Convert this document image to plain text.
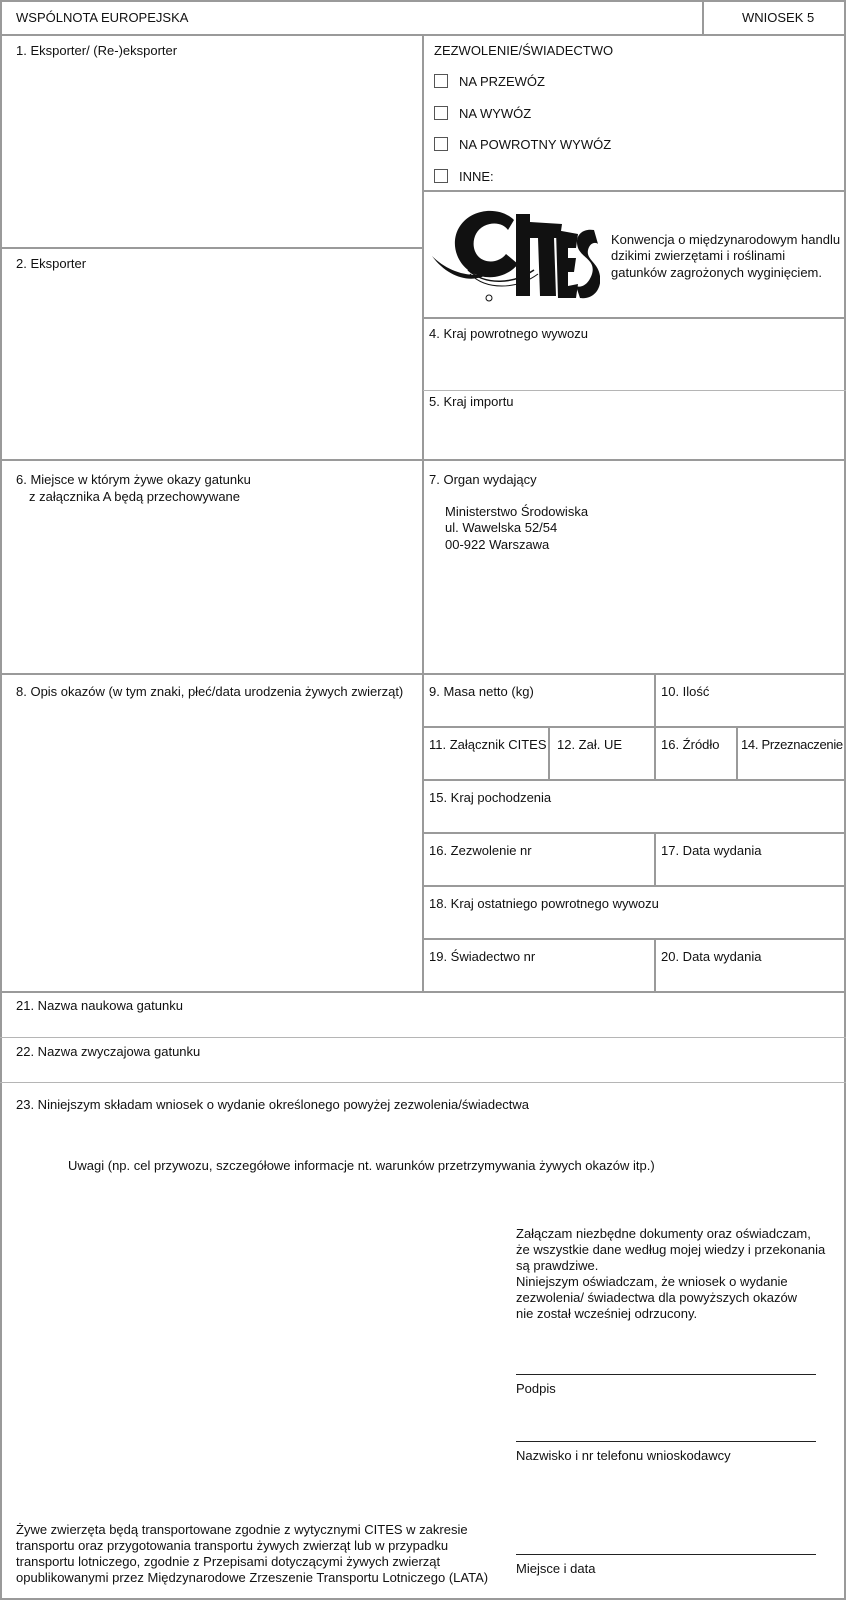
WSPÓLNOTA EUROPEJSKA	WNIOSEK 5
1. Eksporter/ (Re-)eksporter
2. Eksporter
ZEZWOLENIE/ŚWIADECTWO
NA PRZEWÓZ
NA WYWÓZ
NA POWROTNY WYWÓZ
INNE:
Konwencja o międzynarodowym handlu
dzikimi zwierzętami i roślinami
gatunków zagrożonych wyginięciem.
4. Kraj powrotnego wywozu
5. Kraj importu
6. Miejsce w którym żywe okazy gatunku
z załącznika A będą przechowywane
7. Organ wydający
Ministerstwo Środowiska
ul. Wawelska 52/54
00-922 Warszawa
8. Opis okazów (w tym znaki, płeć/data urodzenia żywych zwierząt) 9. Masa netto (kg)	10. Ilość
11. Załącznik CITES 12. Zał. UE	16. Źródło 14. Przeznaczenie
15. Kraj pochodzenia
16. Zezwolenie nr	17. Data wydania
18. Kraj ostatniego powrotnego wywozu
19. Świadectwo nr	20. Data wydania
21. Nazwa naukowa gatunku
22. Nazwa zwyczajowa gatunku
23. Niniejszym składam wniosek o wydanie określonego powyżej zezwolenia/świadectwa
Uwagi (np. cel przywozu, szczegółowe informacje nt. warunków przetrzymywania żywych okazów itp.)
Załączam niezbędne dokumenty oraz oświadczam,
że wszystkie dane według mojej wiedzy i przekonania
są prawdziwe.
Niniejszym oświadczam, że wniosek o wydanie
zezwolenia/ świadectwa dla powyższych okazów
nie został wcześniej odrzucony.
Podpis
Nazwisko i nr telefonu wnioskodawcy
Żywe zwierzęta będą transportowane zgodnie z wytycznymi CITES w zakresie
transportu oraz przygotowania transportu żywych zwierząt lub w przypadku
transportu lotniczego, zgodnie z Przepisami dotyczącymi żywych zwierząt
opublikowanymi przez Międzynarodowe Zrzeszenie Transportu Lotniczego (LATA)
Miejsce i data
